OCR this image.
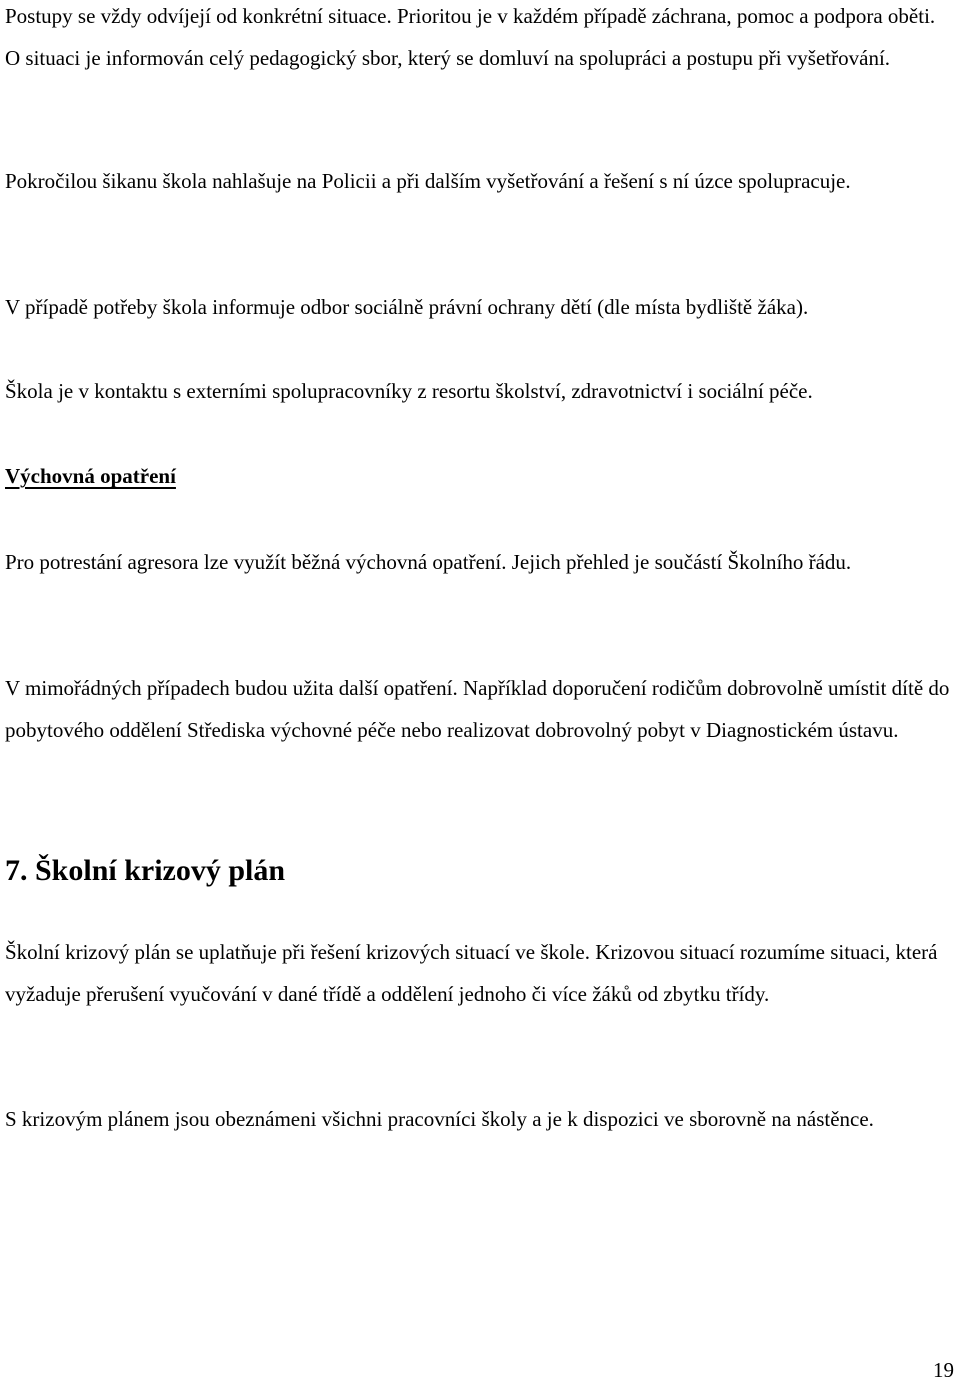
Postupy se vždy odvíjejí od konkrétní situace. Prioritou je v každém případě záchrana, pomoc a podpora oběti. O situaci je informován celý pedagogický sbor, který se domluví na spolupráci a postupu při vyšetřování.

Pokročilou šikanu škola nahlašuje na Policii a při dalším vyšetřování a řešení s ní úzce spolupracuje.

V případě potřeby škola informuje odbor sociálně právní ochrany dětí (dle místa bydliště žáka).

Škola je v kontaktu s externími spolupracovníky z resortu školství, zdravotnictví i sociální péče.

Výchovná opatření

Pro potrestání agresora lze využít běžná výchovná opatření. Jejich přehled je součástí Školního řádu.

V mimořádných případech budou užita další opatření. Například doporučení rodičům dobrovolně umístit dítě do pobytového oddělení Střediska výchovné péče nebo realizovat dobrovolný pobyt v Diagnostickém ústavu.

7. Školní krizový plán

Školní krizový plán se uplatňuje při řešení krizových situací ve škole. Krizovou situací rozumíme situaci, která vyžaduje přerušení vyučování v dané třídě a oddělení jednoho či více žáků od zbytku třídy.

S krizovým plánem jsou obeznámeni všichni pracovníci školy a je k dispozici ve sborovně na nástěnce.

19
